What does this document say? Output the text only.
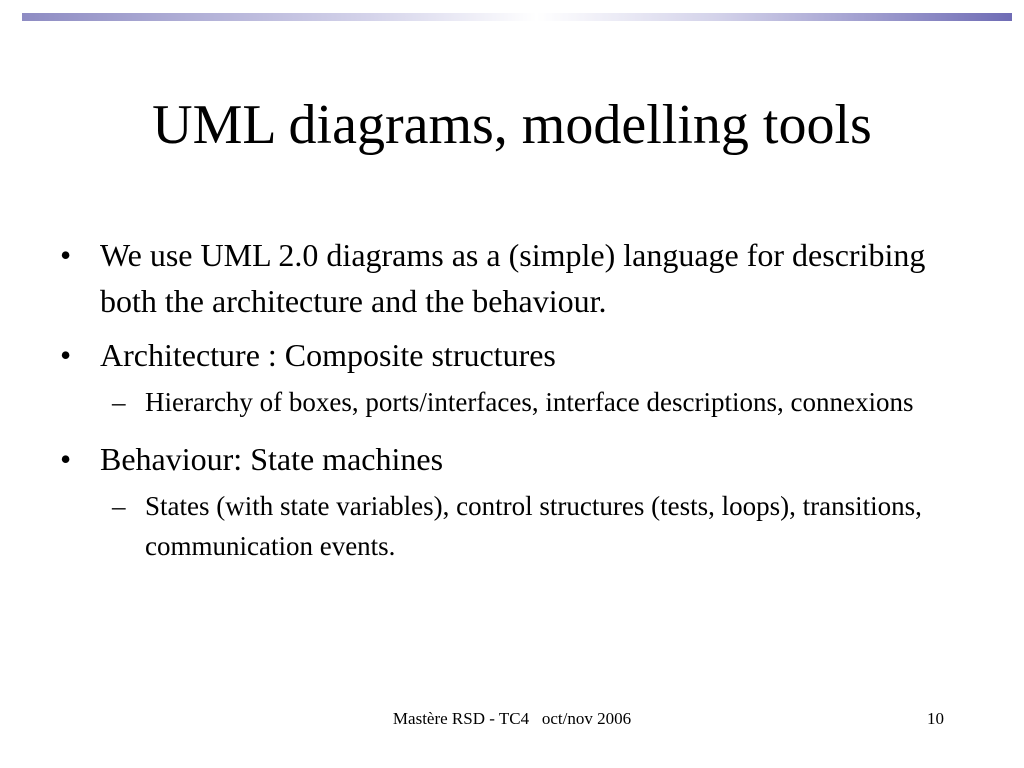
UML diagrams, modelling tools
• We use UML 2.0 diagrams as a (simple) language for describing both the architecture and the behaviour.
• Architecture : Composite structures
– Hierarchy of boxes, ports/interfaces, interface descriptions, connexions
• Behaviour: State machines
– States (with state variables), control structures (tests, loops), transitions, communication events.
Mastère RSD - TC4   oct/nov 2006	10
